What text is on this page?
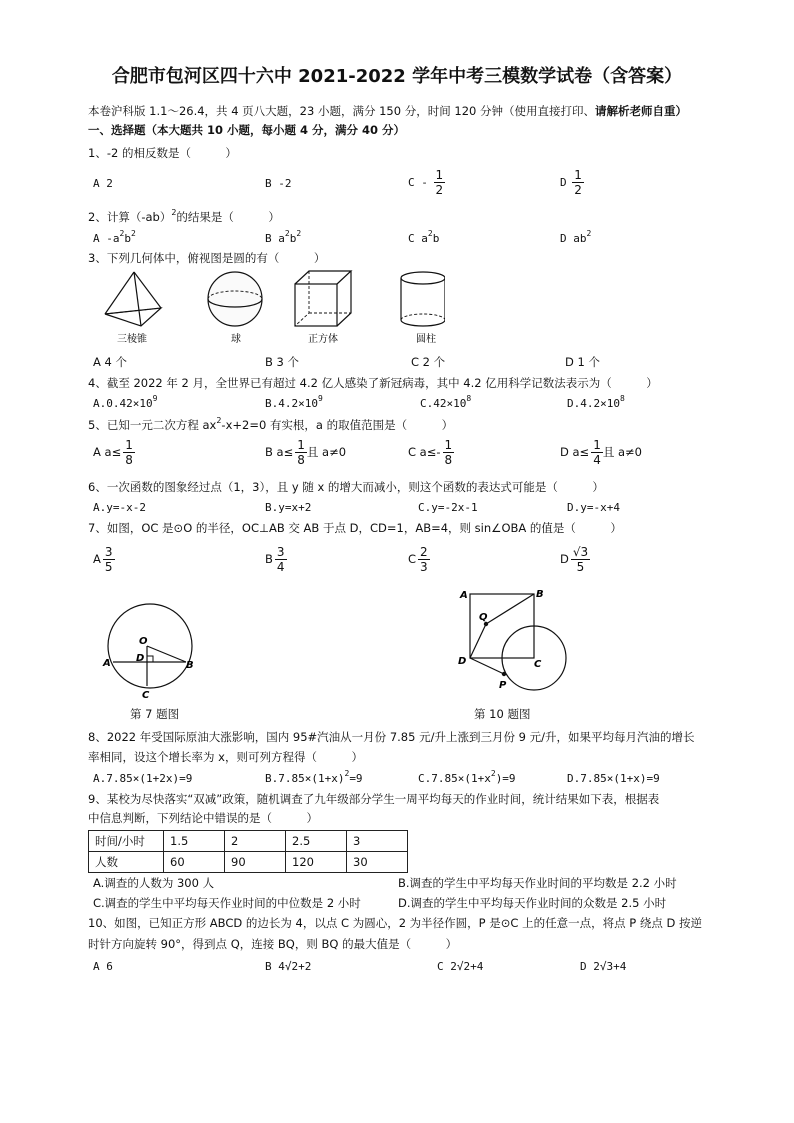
合肥市包河区四十六中 2021-2022 学年中考三模数学试卷（含答案）
本卷沪科版 1.1～26.4，共 4 页八大题，23 小题，满分 150 分，时间 120 分钟（使用直接打印、请解析老师自重）
一、选择题（本大题共 10 小题，每小题 4 分，满分 40 分）
1、-2 的相反数是（　　　）
A 2	B -2	C - $\frac{1}{2}$	D $\frac{1}{2}$
2、计算$(-ab)^2$的结果是（　　　）
A $-a^2b^2$	B $a^2b^2$	C $a^2b$	D $ab^2$
3、下列几何体中，俯视图是圆的有（　　　）
三棱锥	球	正方体	圆柱
A 4 个	B 3 个	C 2 个	D 1 个
4、截至 2022 年 2 月，全世界已有超过 4.2 亿人感染了新冠病毒，其中 4.2 亿用科学记数法表示为（　　　）
$A.0.42\times 10^9$	$B.4.2\times 10^9$	$C.42\times 10^8$	$D.4.2\times 10^8$
5、已知一元二次方程 $ax^2-x+2=0$ 有实根，a 的取值范围是（　　　）
A $a\le \frac{1}{8}$	B $a\le \frac{1}{8}$ 且 a≠0	C $a\le- \frac{1}{8}$	D $a\le \frac{1}{4}$ 且 a≠0
6、一次函数的图象经过点（1，3），且 y 随 x 的增大而减小，则这个函数的表达式可能是（　　　）
A.y=-x-2	B.y=x+2	C.y=-2x-1	D.y=-x+4
7、如图，OC 是⊙O 的半径，OC⊥AB 交 AB 于点 D，CD=1，AB=4，则 sin∠OBA 的值是（　　　）
A $\frac{3}{5}$	B $\frac{3}{4}$	C $\frac{2}{3}$	D $\frac{√3}{5}$
O
A	B
D
C
第 7 题图
A	B
C
D
P
Q
第 10 题图
8、2022 年受国际原油大涨影响，国内 95#汽油从一月份 7.85 元/升上涨到三月份 9 元/升，如果平均每月汽油的增长
率相同，设这个增长率为 x，则可列方程得（　　　）
A.7.85×(1+2x)=9	$B.7.85\times(1+x)^2=9$	$C.7.85\times(1+x^2)=9$	D.7.85×(1+x)=9
9、某校为尽快落实“双减”政策，随机调查了九年级部分学生一周平均每天的作业时间，统计结果如下表，根据表
中信息判断，下列结论中错误的是（　　　）
时间/小时	1.5	2	2.5	3
人数	60	90	120	30
A.调查的人数为 300 人	B.调查的学生中平均每天作业时间的平均数是 2.2 小时
C.调查的学生中平均每天作业时间的中位数是 2 小时	D.调查的学生中平均每天作业时间的众数是 2.5 小时
10、如图，已知正方形 ABCD 的边长为 4，以点 C 为圆心，2 为半径作圆，P 是⊙C 上的任意一点，将点 P 绕点 D 按逆
时针方向旋转 90°，得到点 Q，连接 BQ，则 BQ 的最大值是（　　　）
A 6	B 4√2+2	C 2√2+4	D 2√3+4
